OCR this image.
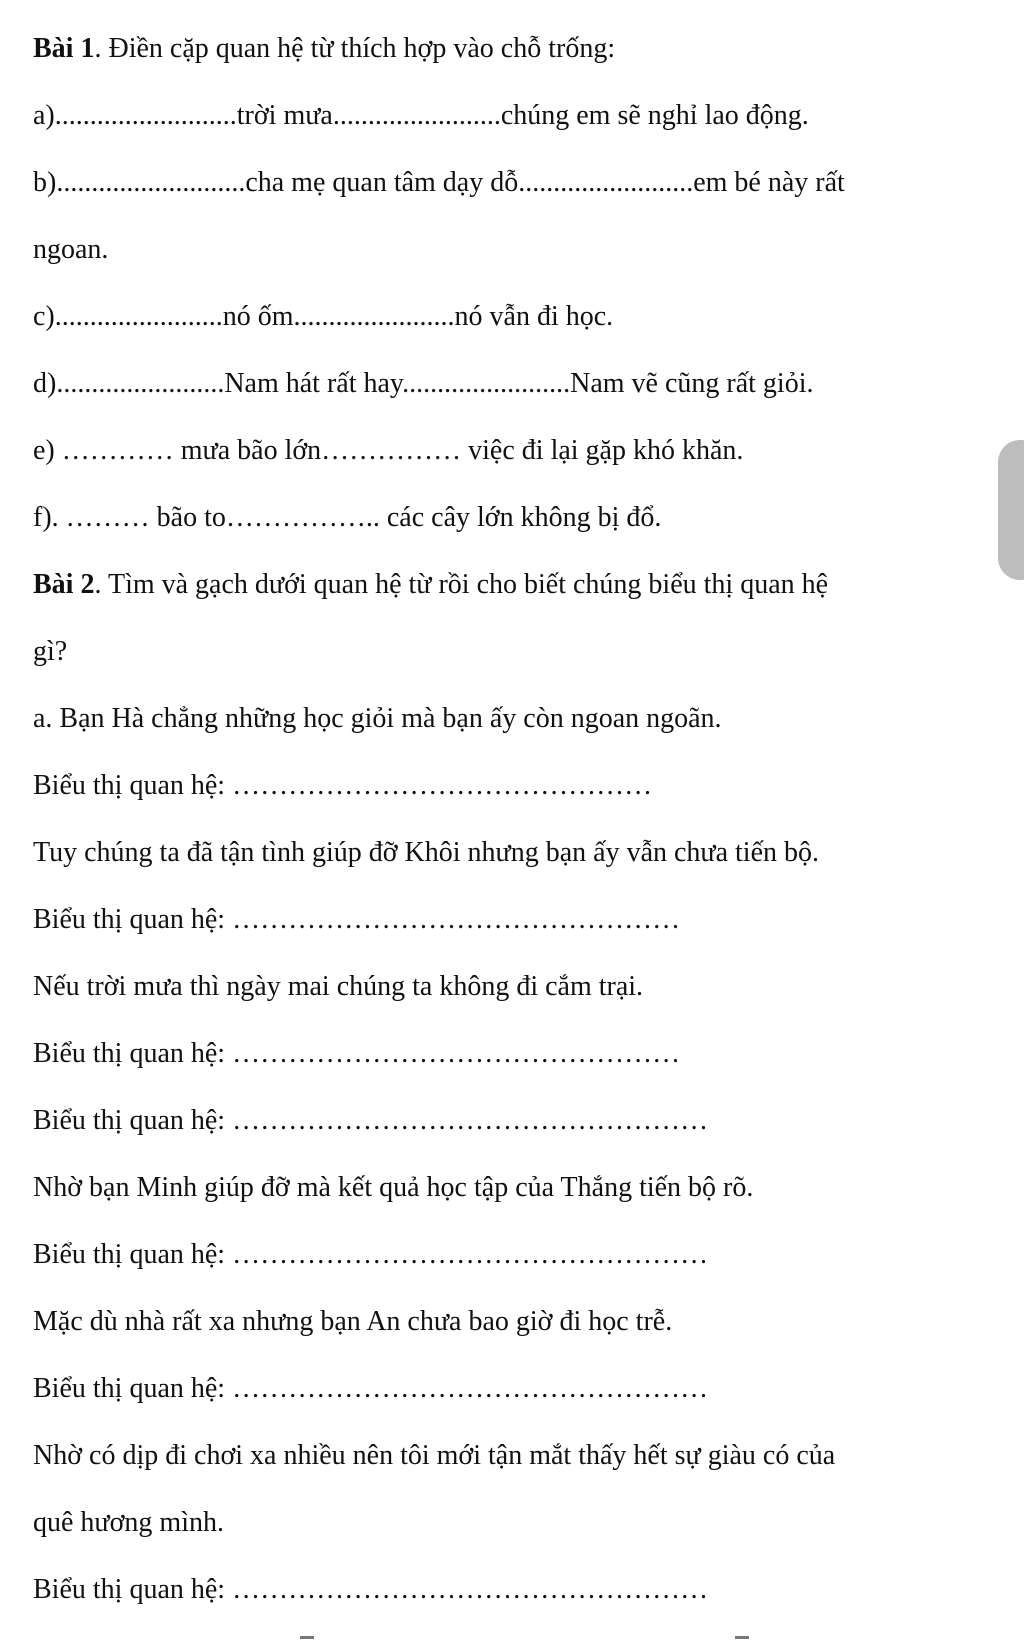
Bài 1. Điền cặp quan hệ từ thích hợp vào chỗ trống:
a)..........................trời mưa........................chúng em sẽ nghỉ lao động.
b)...........................cha mẹ quan tâm dạy dỗ.........................em bé này rất
ngoan.
c)........................nó ốm.......................nó vẫn đi học.
d)........................Nam hát rất hay........................Nam vẽ cũng rất giỏi.
e) ………… mưa bão lớn…………… việc đi lại gặp khó khăn.
f). ……… bão to…………….. các cây lớn không bị đổ.
Bài 2. Tìm và gạch dưới quan hệ từ rồi cho biết chúng biểu thị quan hệ
gì?
a. Bạn Hà chẳng những học giỏi mà bạn ấy còn ngoan ngoãn.
Biểu thị quan hệ: ………………………………………
Tuy chúng ta đã tận tình giúp đỡ Khôi nhưng bạn ấy vẫn chưa tiến bộ.
Biểu thị quan hệ: …………………………………………
Nếu trời mưa thì ngày mai chúng ta không đi cắm trại.
Biểu thị quan hệ: …………………………………………
Biểu thị quan hệ: ……………………………………………
Nhờ bạn Minh giúp đỡ mà kết quả học tập của Thắng tiến bộ rõ.
Biểu thị quan hệ: ……………………………………………
Mặc dù nhà rất xa nhưng bạn An chưa bao giờ đi học trễ.
Biểu thị quan hệ: ……………………………………………
Nhờ có dịp đi chơi xa nhiều nên tôi mới tận mắt thấy hết sự giàu có của
quê hương mình.
Biểu thị quan hệ: ……………………………………………
